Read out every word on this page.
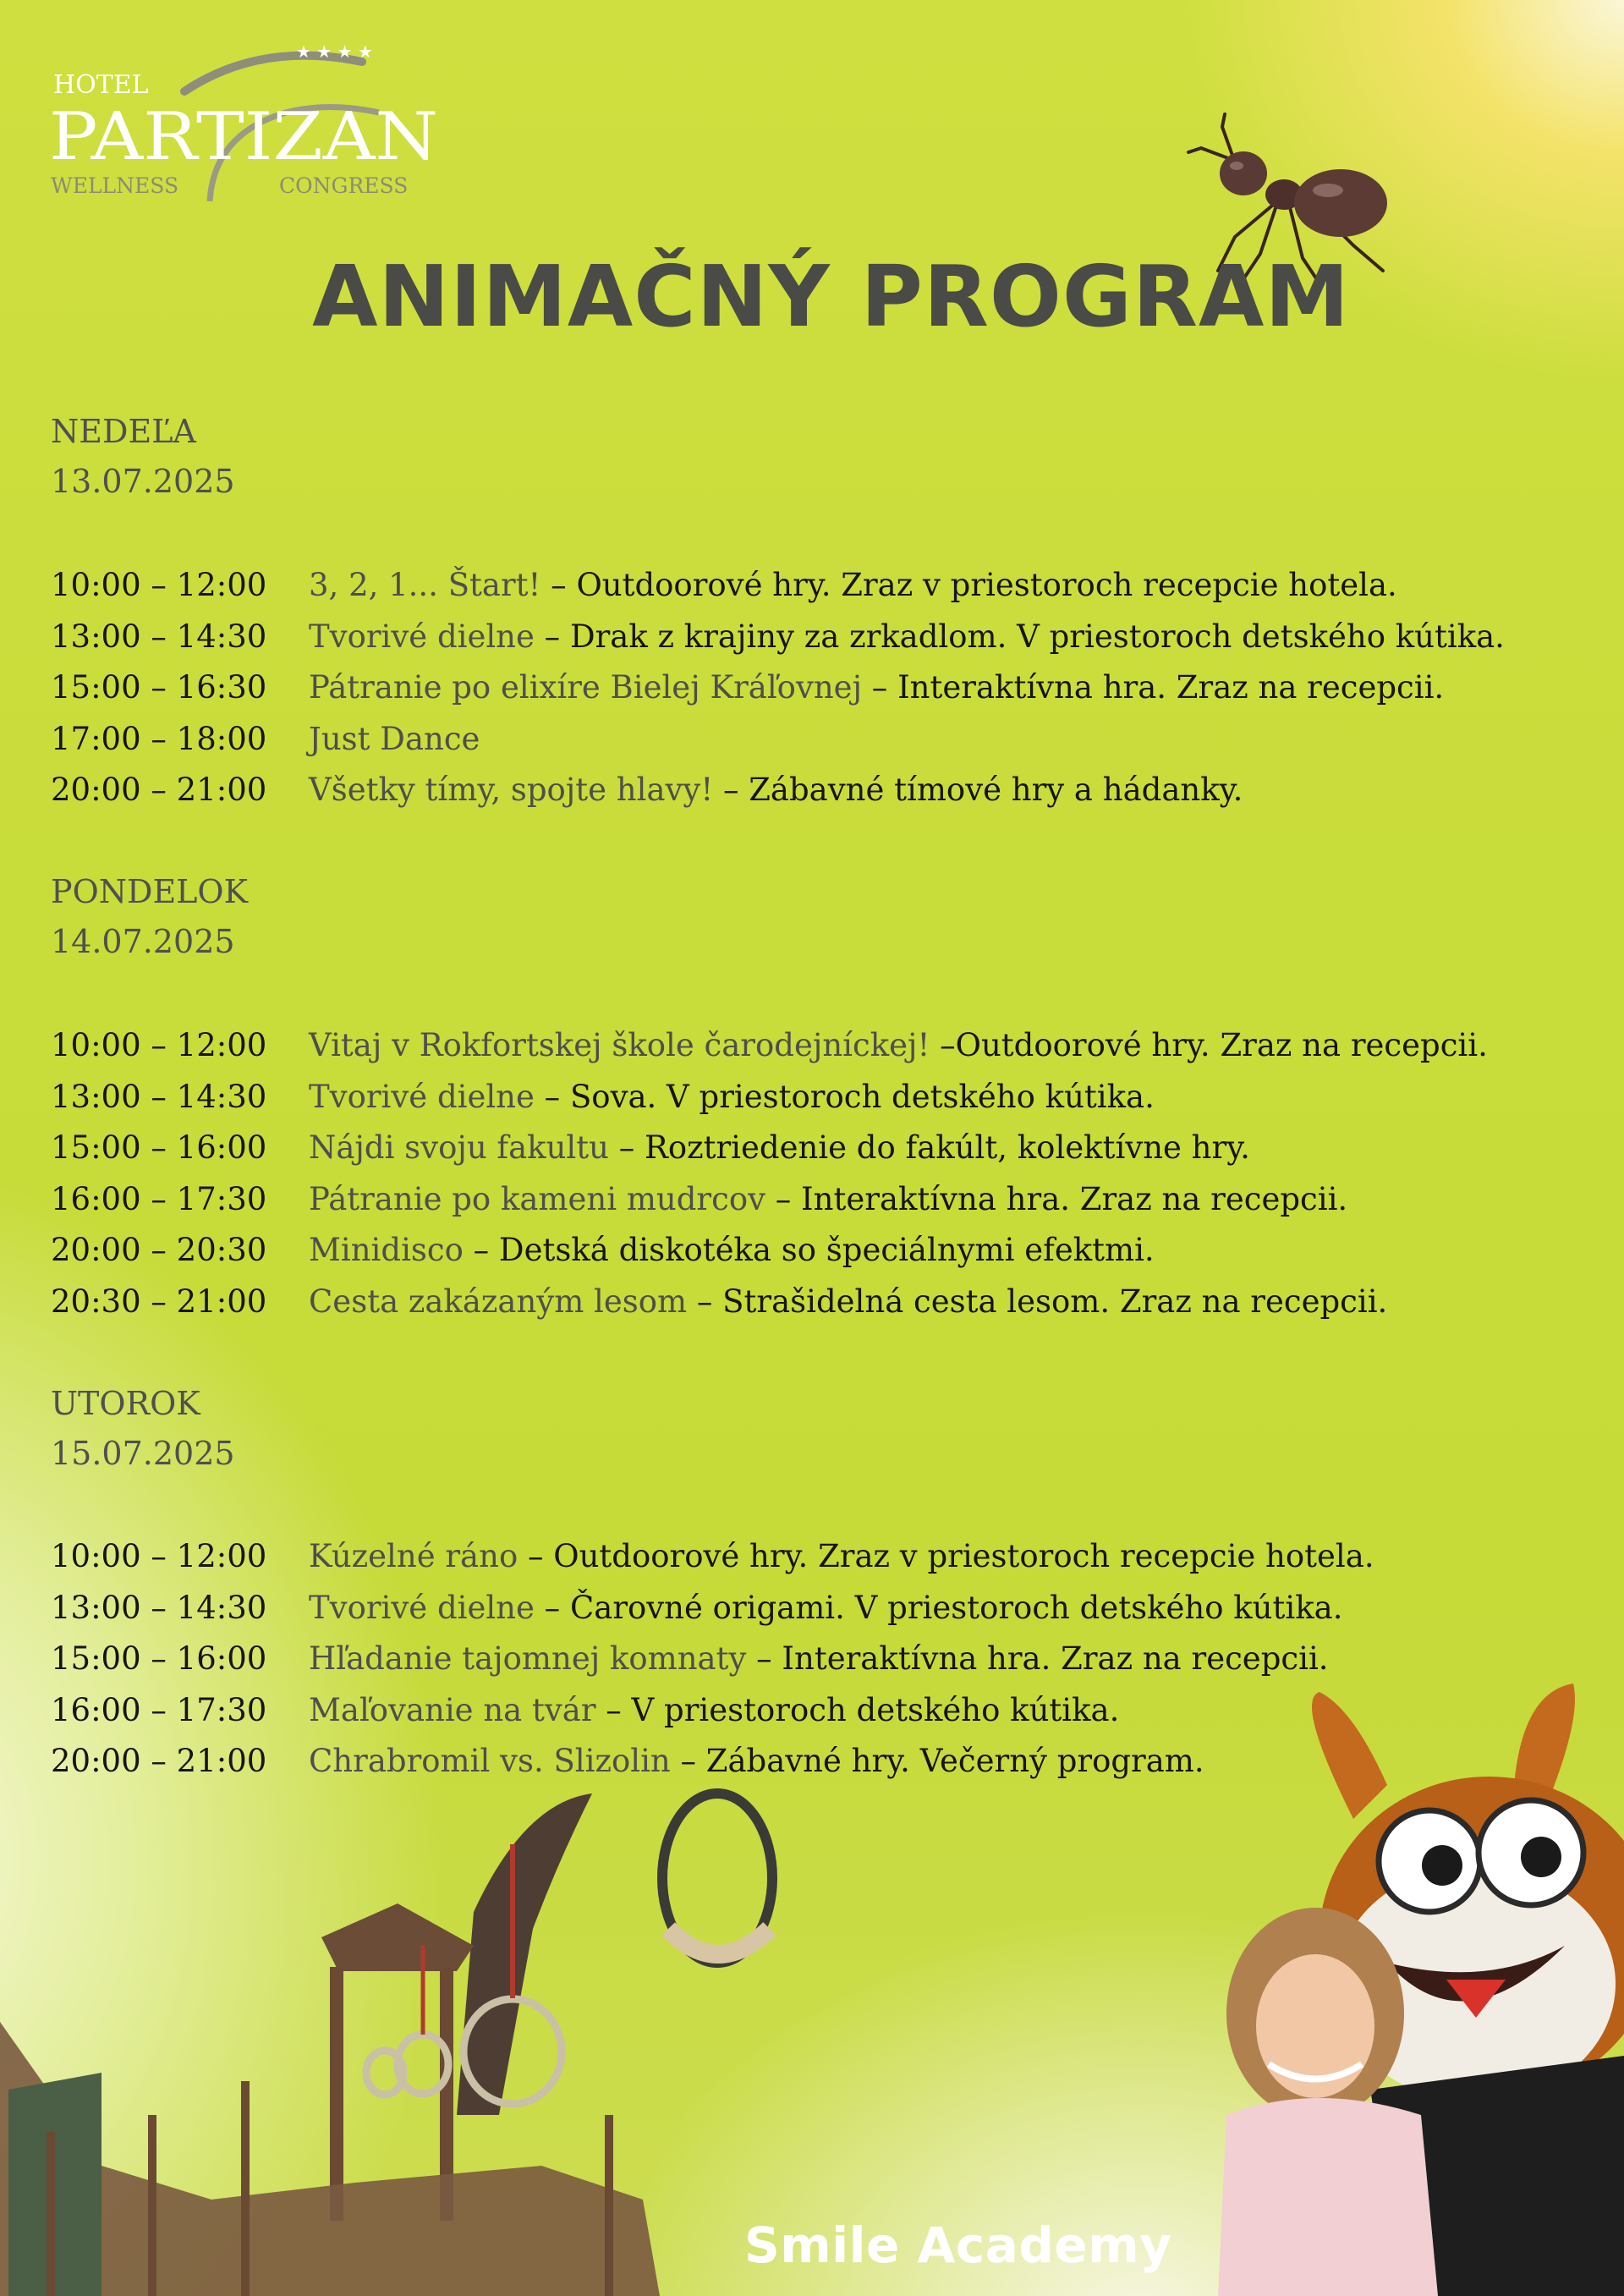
★ ★ ★ ★
HOTEL
PARTIZAN
WELLNESS	CONGRESS
ANIMAČNÝ PROGRAM
NEDEĽA
13.07.2025
PONDELOK
14.07.2025
UTOROK
15.07.2025
10:00 – 12:00 3, 2, 1... Štart! – Outdoorové hry. Zraz v priestoroch recepcie hotela.
13:00 – 14:30 Tvorivé dielne – Drak z krajiny za zrkadlom. V priestoroch detského kútika.
15:00 – 16:30 Pátranie po elixíre Bielej Kráľovnej – Interaktívna hra. Zraz na recepcii.
17:00 – 18:00 Just Dance
20:00 – 21:00 Všetky tímy, spojte hlavy! – Zábavné tímové hry a hádanky.
10:00 – 12:00 Vitaj v Rokfortskej škole čarodejníckej! –Outdoorové hry. Zraz na recepcii.
13:00 – 14:30 Tvorivé dielne – Sova. V priestoroch detského kútika.
15:00 – 16:00 Nájdi svoju fakultu – Roztriedenie do fakúlt, kolektívne hry.
16:00 – 17:30 Pátranie po kameni mudrcov – Interaktívna hra. Zraz na recepcii.
20:00 – 20:30 Minidisco – Detská diskotéka so špeciálnymi efektmi.
20:30 – 21:00 Cesta zakázaným lesom – Strašidelná cesta lesom. Zraz na recepcii.
10:00 – 12:00 Kúzelné ráno – Outdoorové hry. Zraz v priestoroch recepcie hotela.
13:00 – 14:30 Tvorivé dielne – Čarovné origami. V priestoroch detského kútika.
15:00 – 16:00 Hľadanie tajomnej komnaty – Interaktívna hra. Zraz na recepcii.
16:00 – 17:30 Maľovanie na tvár – V priestoroch detského kútika.
20:00 – 21:00 Chrabromil vs. Slizolin – Zábavné hry. Večerný program.
Smile Academy
